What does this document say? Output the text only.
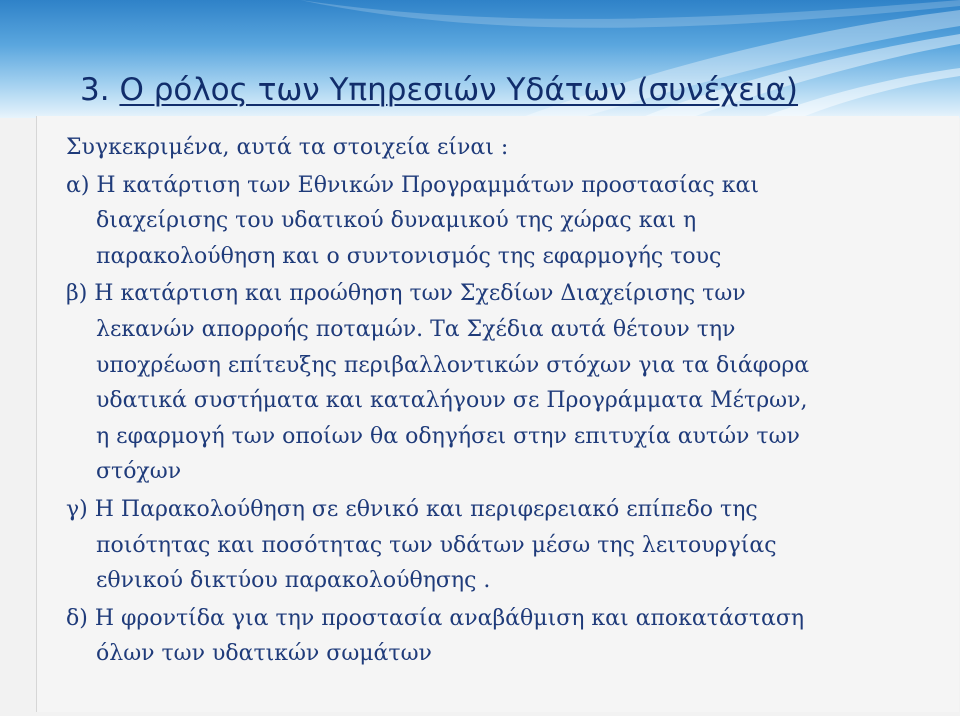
3. Ο ρόλος των Υπηρεσιών Υδάτων (συνέχεια)

Συγκεκριμένα, αυτά τα στοιχεία είναι :

α) Η κατάρτιση των Εθνικών Προγραμμάτων προστασίας και

διαχείρισης του υδατικού δυναμικού της χώρας και η

παρακολούθηση και ο συντονισμός της εφαρμογής τους

β) Η κατάρτιση και προώθηση των Σχεδίων Διαχείρισης των

λεκανών απορροής ποταμών. Τα Σχέδια αυτά θέτουν την

υποχρέωση επίτευξης περιβαλλοντικών στόχων για τα διάφορα

υδατικά συστήματα και καταλήγουν σε Προγράμματα Μέτρων,

η εφαρμογή των οποίων θα οδηγήσει στην επιτυχία αυτών των

στόχων

γ) Η Παρακολούθηση σε εθνικό και περιφερειακό επίπεδο της

ποιότητας και ποσότητας των υδάτων μέσω της λειτουργίας

εθνικού δικτύου παρακολούθησης .

δ) Η φροντίδα για την προστασία αναβάθμιση και αποκατάσταση

όλων των υδατικών σωμάτων
